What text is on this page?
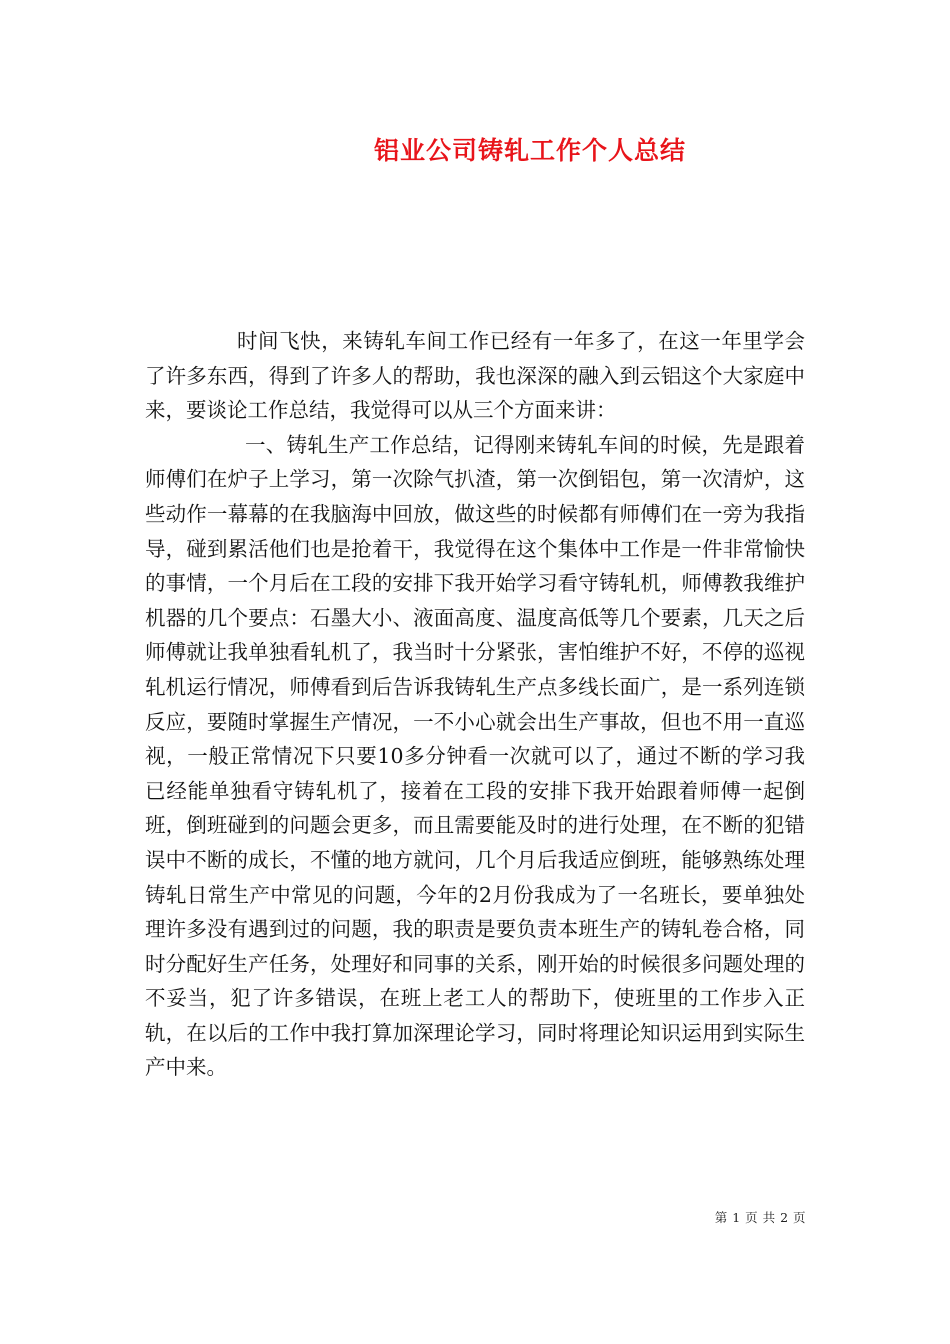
铝业公司铸轧工作个人总结

时间飞快，来铸轧车间工作已经有一年多了，在这一年里学会了许多东西，得到了许多人的帮助，我也深深的融入到云铝这个大家庭中来，要谈论工作总结，我觉得可以从三个方面来讲：

一、铸轧生产工作总结，记得刚来铸轧车间的时候，先是跟着师傅们在炉子上学习，第一次除气扒渣，第一次倒铝包，第一次清炉，这些动作一幕幕的在我脑海中回放，做这些的时候都有师傅们在一旁为我指导，碰到累活他们也是抢着干，我觉得在这个集体中工作是一件非常愉快的事情，一个月后在工段的安排下我开始学习看守铸轧机，师傅教我维护机器的几个要点：石墨大小、液面高度、温度高低等几个要素，几天之后师傅就让我单独看轧机了，我当时十分紧张，害怕维护不好，不停的巡视轧机运行情况，师傅看到后告诉我铸轧生产点多线长面广，是一系列连锁反应，要随时掌握生产情况，一不小心就会出生产事故，但也不用一直巡视，一般正常情况下只要10多分钟看一次就可以了，通过不断的学习我已经能单独看守铸轧机了，接着在工段的安排下我开始跟着师傅一起倒班，倒班碰到的问题会更多，而且需要能及时的进行处理，在不断的犯错误中不断的成长，不懂的地方就问，几个月后我适应倒班，能够熟练处理铸轧日常生产中常见的问题，今年的2月份我成为了一名班长，要单独处理许多没有遇到过的问题，我的职责是要负责本班生产的铸轧卷合格，同时分配好生产任务，处理好和同事的关系，刚开始的时候很多问题处理的不妥当，犯了许多错误，在班上老工人的帮助下，使班里的工作步入正轨，在以后的工作中我打算加深理论学习，同时将理论知识运用到实际生产中来。

第 1 页 共 2 页
